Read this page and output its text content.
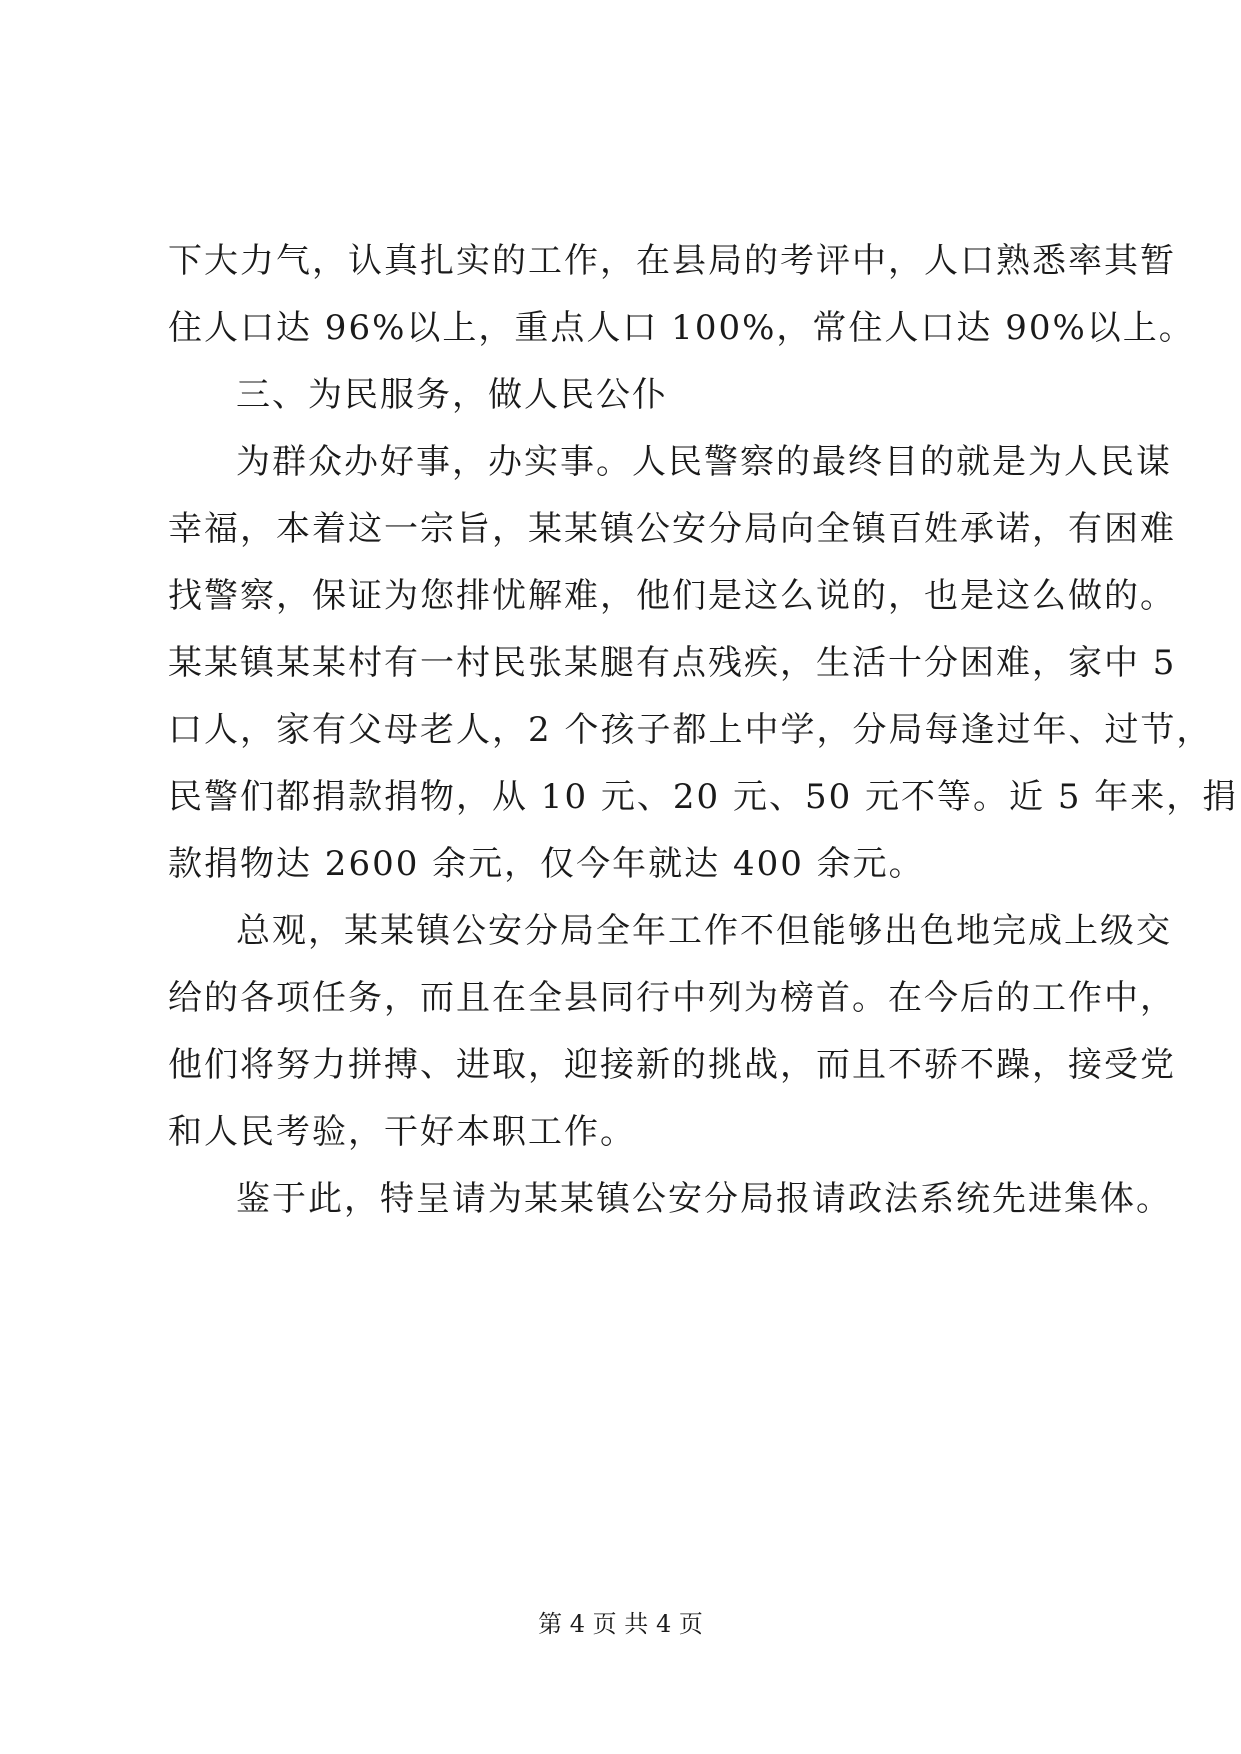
下大力气，认真扎实的工作，在县局的考评中，人口熟悉率其暂
住人口达 96%以上，重点人口 100%，常住人口达 90%以上。
三、为民服务，做人民公仆
为群众办好事，办实事。人民警察的最终目的就是为人民谋
幸福，本着这一宗旨，某某镇公安分局向全镇百姓承诺，有困难
找警察，保证为您排忧解难，他们是这么说的，也是这么做的。
某某镇某某村有一村民张某腿有点残疾，生活十分困难，家中 5
口人，家有父母老人，2 个孩子都上中学，分局每逢过年、过节，
民警们都捐款捐物，从 10 元、20 元、50 元不等。近 5 年来，捐
款捐物达 2600 余元，仅今年就达 400 余元。
总观，某某镇公安分局全年工作不但能够出色地完成上级交
给的各项任务，而且在全县同行中列为榜首。在今后的工作中，
他们将努力拼搏、进取，迎接新的挑战，而且不骄不躁，接受党
和人民考验，干好本职工作。
鉴于此，特呈请为某某镇公安分局报请政法系统先进集体。
第 4 页 共 4 页
